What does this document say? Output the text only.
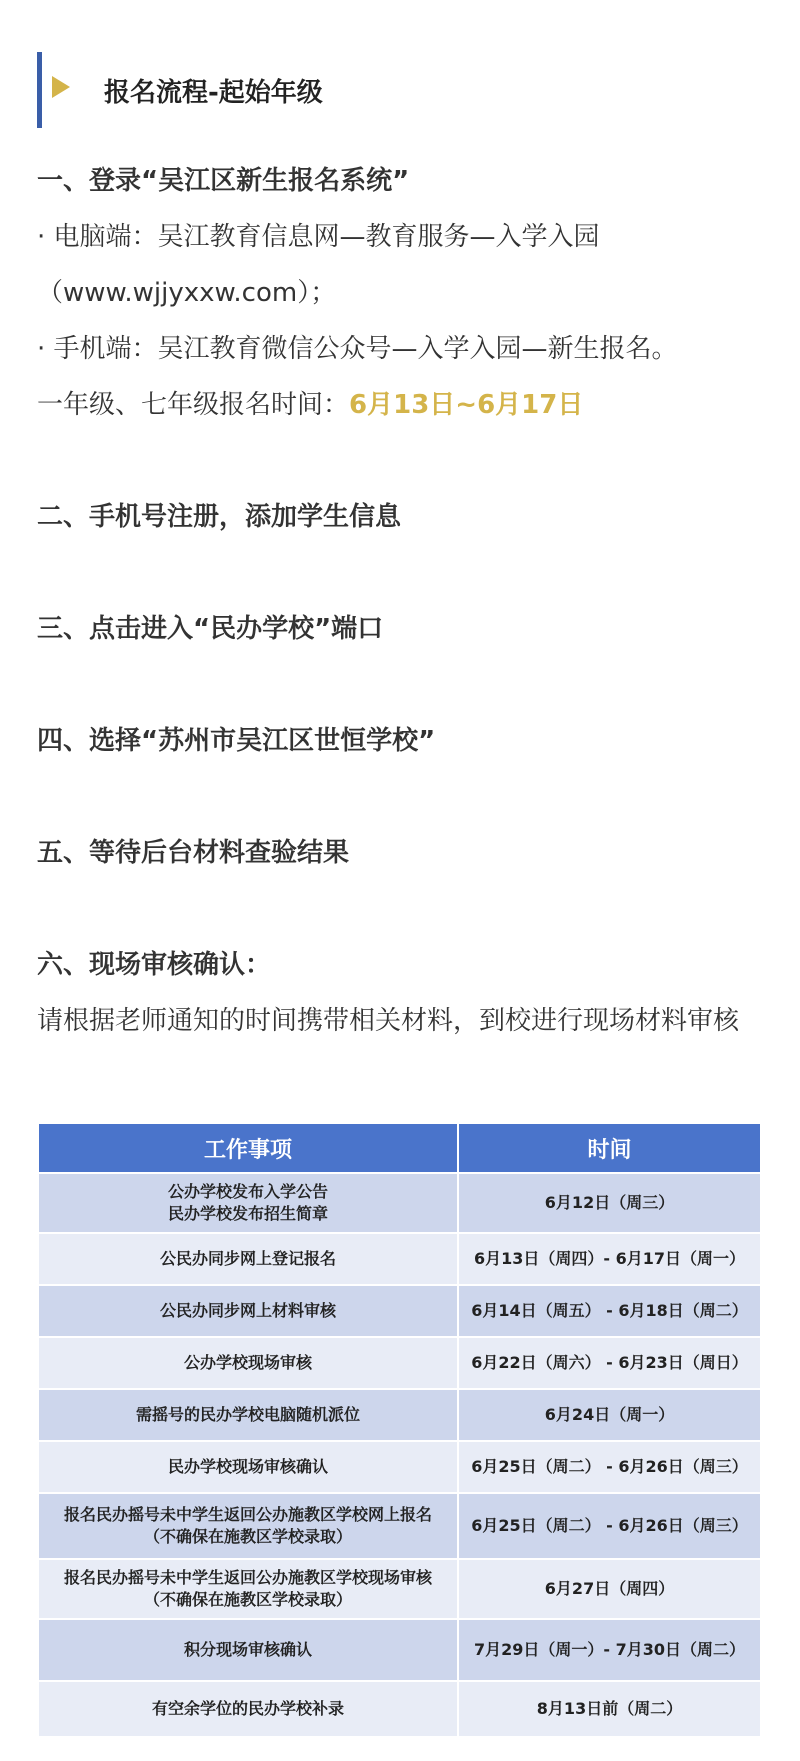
报名流程-起始年级
一、登录“吴江区新生报名系统”
· 电脑端：吴江教育信息网—教育服务—入学入园
（www.wjjyxxw.com）；
· 手机端：吴江教育微信公众号—入学入园—新生报名。
一年级、七年级报名时间：6月13日~6月17日
二、手机号注册，添加学生信息
三、点击进入“民办学校”端口
四、选择“苏州市吴江区世恒学校”
五、等待后台材料查验结果
六、现场审核确认：
请根据老师通知的时间携带相关材料，到校进行现场材料审核
工作事项	时间

公办学校发布入学公告
民办学校发布招生简章	6月12日（周三）
公民办同步网上登记报名	6月13日（周四）- 6月17日（周一）
公民办同步网上材料审核	6月14日（周五） - 6月18日（周二）
公办学校现场审核	6月22日（周六） - 6月23日（周日）
需摇号的民办学校电脑随机派位	6月24日（周一）
民办学校现场审核确认	6月25日（周二） - 6月26日（周三）

报名民办摇号未中学生返回公办施教区学校网上报名
（不确保在施教区学校录取）	6月25日（周二） - 6月26日（周三）

报名民办摇号未中学生返回公办施教区学校现场审核
（不确保在施教区学校录取）	6月27日（周四）
积分现场审核确认	7月29日（周一）- 7月30日（周二）
有空余学位的民办学校补录	8月13日前（周二）
